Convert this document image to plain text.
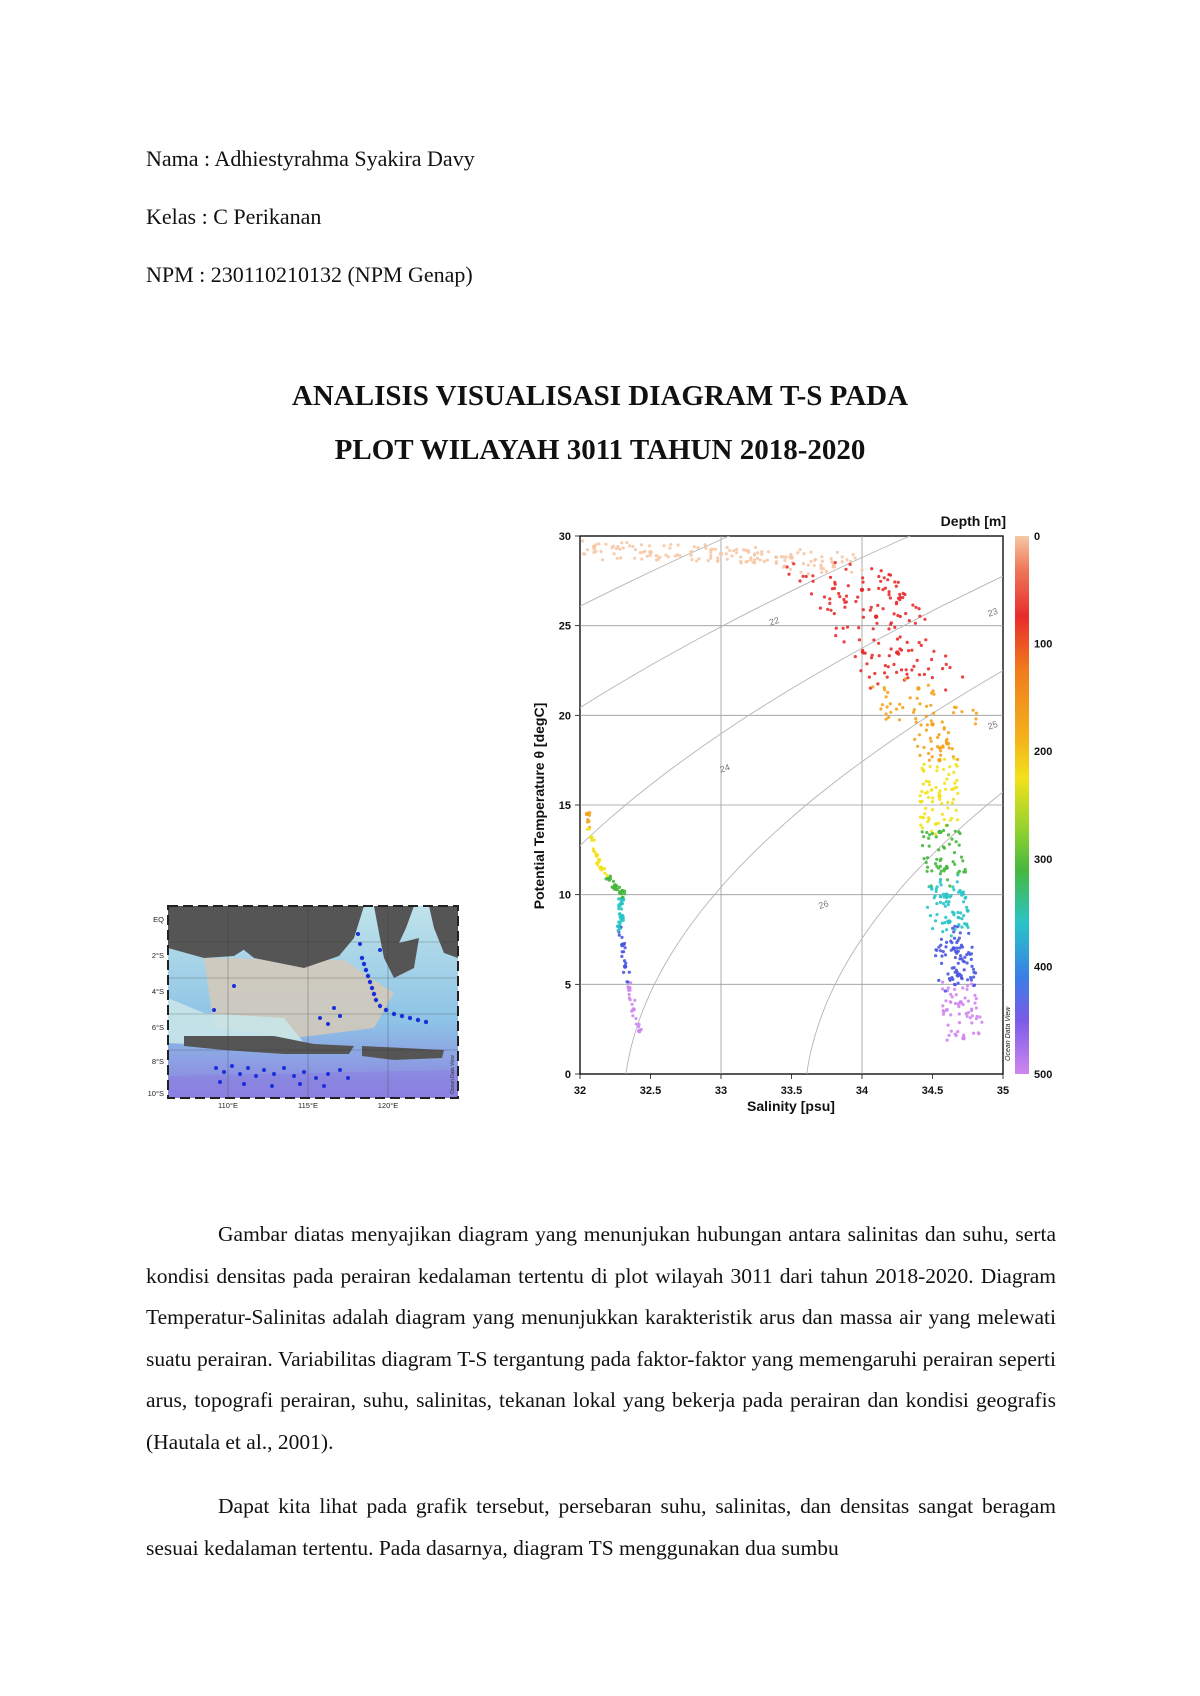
Nama : Adhiestyrahma Syakira Davy
Kelas : C Perikanan
NPM : 230110210132 (NPM Genap)
ANALISIS VISUALISASI DIAGRAM T-S PADA
PLOT WILAYAH 3011 TAHUN 2018-2020
EQ
2°S
4°S
6°S
8°S
10°S
110°E	115°E	120°E
Ocean Data View
22
23
24
25
26
32	32.5	33	33.5	34	34.5	35
0
5
10
15
20
25
30
Salinity [psu]
Potential Temperature θ [degC]
Depth [m]
0
100
200
300
400
500
Ocean Data View

Gambar diatas menyajikan diagram yang menunjukan hubungan antara salinitas dan suhu, serta kondisi densitas pada perairan kedalaman tertentu di plot wilayah 3011 dari tahun 2018-2020. Diagram Temperatur-Salinitas adalah diagram yang menunjukkan karakteristik arus dan massa air yang melewati suatu perairan. Variabilitas diagram T-S tergantung pada faktor-faktor yang memengaruhi perairan seperti arus, topografi perairan, suhu, salinitas, tekanan lokal yang bekerja pada perairan dan kondisi geografis (Hautala et al., 2001).

Dapat kita lihat pada grafik tersebut, persebaran suhu, salinitas, dan densitas sangat beragam sesuai kedalaman tertentu. Pada dasarnya, diagram TS menggunakan dua sumbu
